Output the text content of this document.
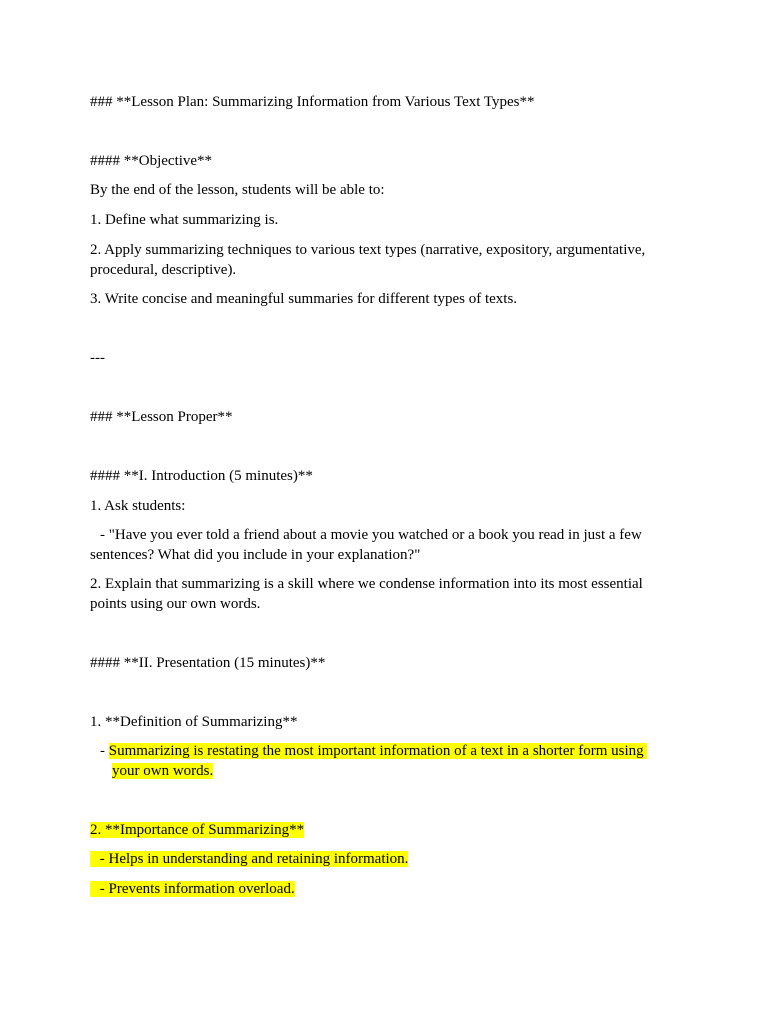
### **Lesson Plan: Summarizing Information from Various Text Types**

#### **Objective**

By the end of the lesson, students will be able to:

1. Define what summarizing is.

2. Apply summarizing techniques to various text types (narrative, expository, argumentative, procedural, descriptive).

3. Write concise and meaningful summaries for different types of texts.

---

### **Lesson Proper**

#### **I. Introduction (5 minutes)**

1. Ask students:

- "Have you ever told a friend about a movie you watched or a book you read in just a few sentences? What did you include in your explanation?"

2. Explain that summarizing is a skill where we condense information into its most essential points using our own words.

#### **II. Presentation (15 minutes)**

1. **Definition of Summarizing**

- Summarizing is restating the most important information of a text in a shorter form using your own words.

2. **Importance of Summarizing**

- Helps in understanding and retaining information.

- Prevents information overload.
